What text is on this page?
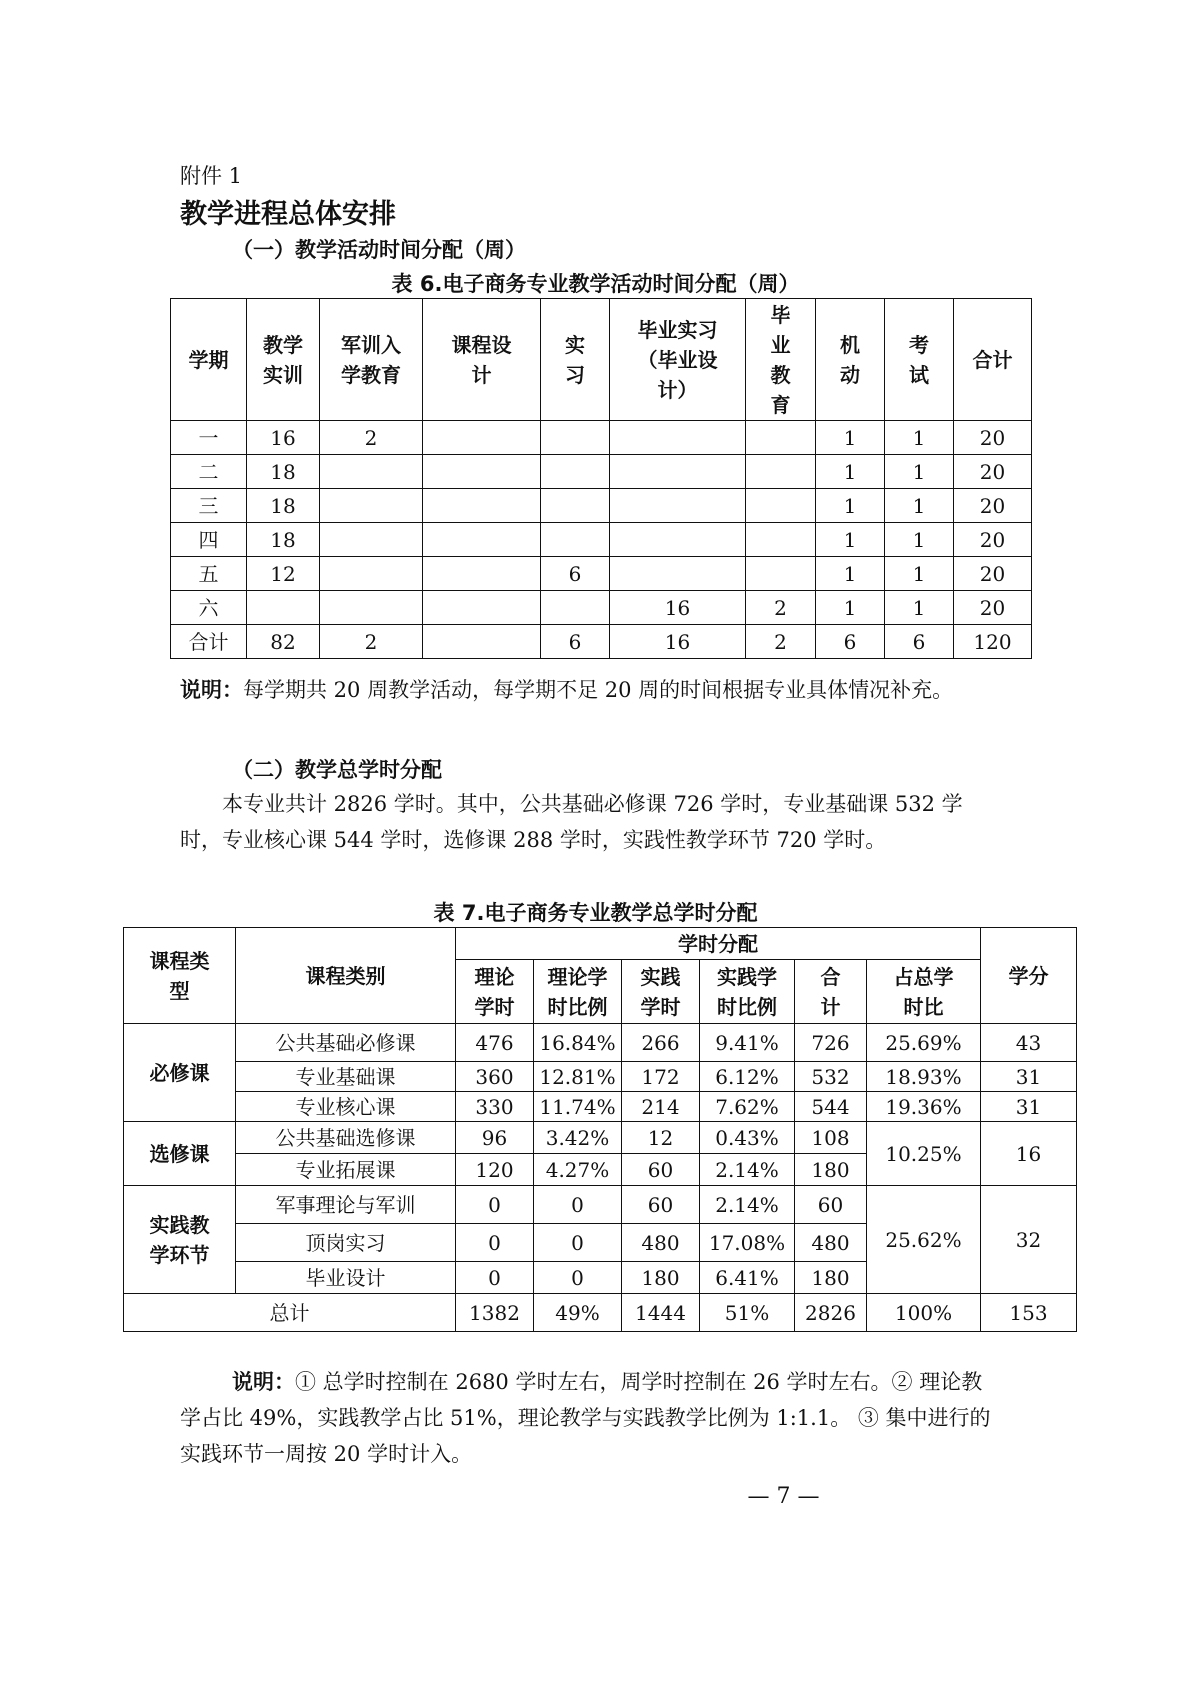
附件 1
教学进程总体安排
（一）教学活动时间分配（周）
表 6.电子商务专业教学活动时间分配（周）
学期	教学实训	军训入学教育	课程设计	实习	毕业实习（毕业设计）	毕业教育	机动	考试	合计
一	16	2					1	1	20
二	18						1	1	20
三	18						1	1	20
四	18						1	1	20
五	12			6			1	1	20
六					16	2	1	1	20
合计	82	2		6	16	2	6	6	120
说明：每学期共 20 周教学活动，每学期不足 20 周的时间根据专业具体情况补充。
（二）教学总学时分配
本专业共计 2826 学时。其中，公共基础必修课 726 学时，专业基础课 532 学时，专业核心课 544 学时，选修课 288 学时，实践性教学环节 720 学时。
表 7.电子商务专业教学总学时分配
课程类型	课程类别	学时分配						学分

		理论学时	理论学时比例	实践学时	实践学时比例	合计	占总学时比	

必修课	公共基础必修课	476	16.84%	266	9.41%	726	25.69%	43
	专业基础课	360	12.81%	172	6.12%	532	18.93%	31
	专业核心课	330	11.74%	214	7.62%	544	19.36%	31

选修课	公共基础选修课	96	3.42%	12	0.43%	108	10.25%	16
	专业拓展课	120	4.27%	60	2.14%	180		

实践教学环节	军事理论与军训	0	0	60	2.14%	60	25.62%	32
	顶岗实习	0	0	480	17.08%	480		
	毕业设计	0	0	180	6.41%	180		
总计		1382	49%	1444	51%	2826	100%	153
说明：① 总学时控制在 2680 学时左右，周学时控制在 26 学时左右。② 理论教学占比 49%，实践教学占比 51%，理论教学与实践教学比例为 1:1.1。 ③ 集中进行的实践环节一周按 20 学时计入。
— 7 —
